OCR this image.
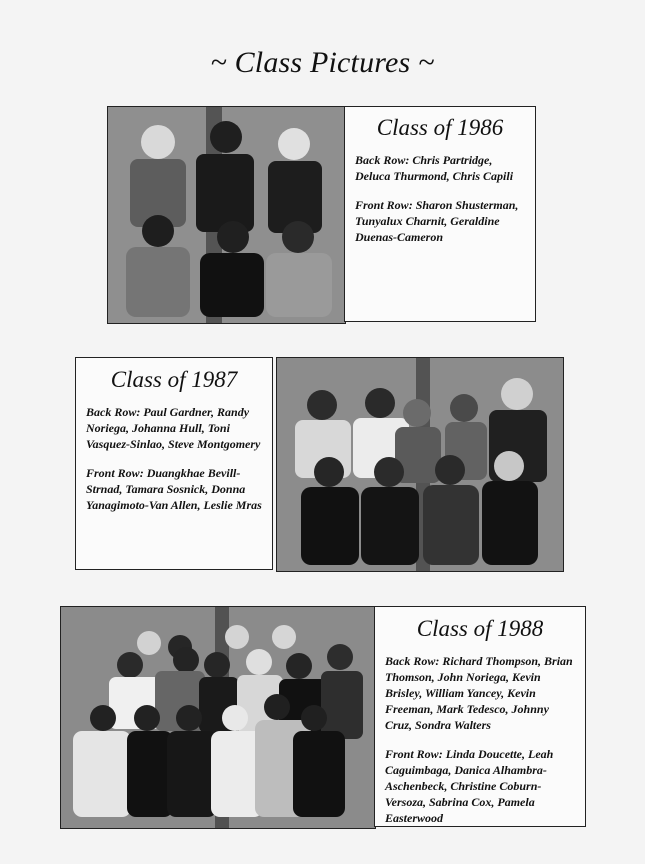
~ Class Pictures ~
Class of 1986
Back Row: Chris Partridge, Deluca Thurmond, Chris Capili
Front Row: Sharon Shusterman, Tunyalux Charnit, Geraldine Duenas-Cameron
Class of 1987
Back Row: Paul Gardner, Randy Noriega, Johanna Hull, Toni Vasquez-Sinlao, Steve Montgomery
Front Row: Duangkhae Bevill-Strnad, Tamara Sosnick, Donna Yanagimoto-Van Allen, Leslie Mras
Class of 1988
Back Row: Richard Thompson, Brian Thomson, John Noriega, Kevin Brisley, William Yancey, Kevin Freeman, Mark Tedesco, Johnny Cruz, Sondra Walters
Front Row: Linda Doucette, Leah Caguimbaga, Danica Alhambra-Aschenbeck, Christine Coburn-Versoza, Sabrina Cox, Pamela Easterwood
